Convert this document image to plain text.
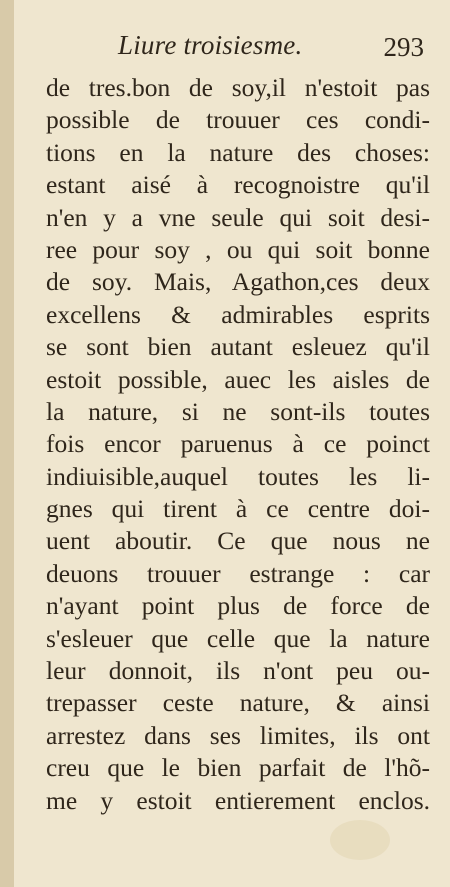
Liure troisiesme.	293
de tres.bon de soy,il n'estoit pas
possible de trouuer ces condi-
tions en la nature des choses:
estant aisé à recognoistre qu'il
n'en y a vne seule qui soit desi-
ree pour soy , ou qui soit bonne
de soy. Mais, Agathon,ces deux
excellens & admirables esprits
se sont bien autant esleuez qu'il
estoit possible, auec les aisles de
la nature, si ne sont-ils toutes
fois encor paruenus à ce poinct
indiuisible,auquel toutes les li-
gnes qui tirent à ce centre doi-
uent aboutir. Ce que nous ne
deuons trouuer estrange : car
n'ayant point plus de force de
s'esleuer que celle que la nature
leur donnoit, ils n'ont peu ou-
trepasser ceste nature, & ainsi
arrestez dans ses limites, ils ont
creu que le bien parfait de l'hõ-
me y estoit entierement enclos.
